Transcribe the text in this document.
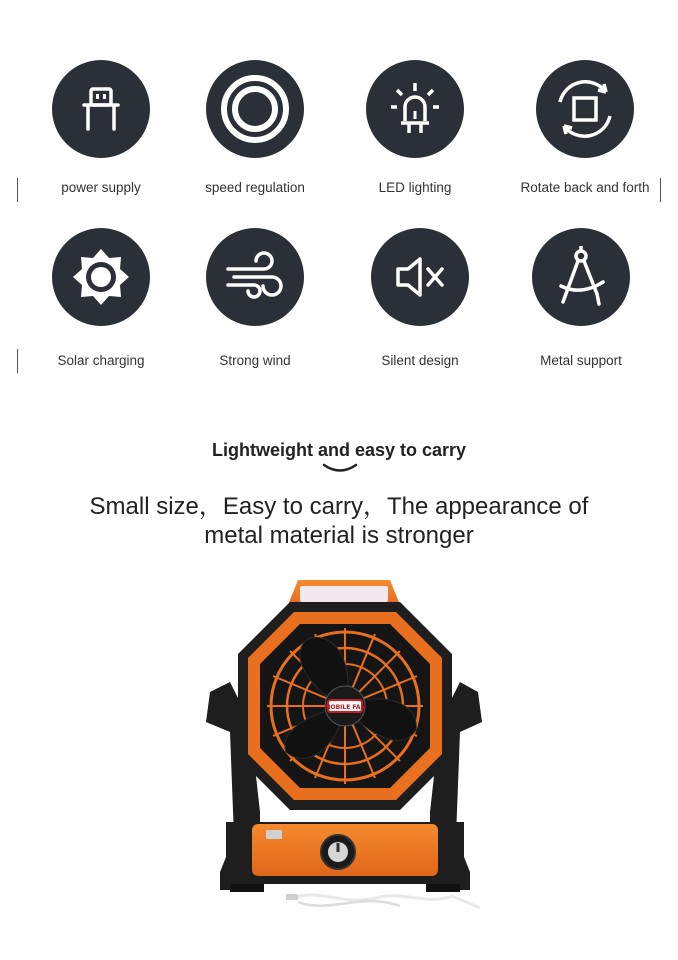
power supply	speed regulation	LED lighting	Rotate back and forth
Solar charging	Strong wind	Silent design	Metal support
Lightweight and easy to carry
Small size，Easy to carry，The appearance of
metal material is stronger
MOBILE FAN
